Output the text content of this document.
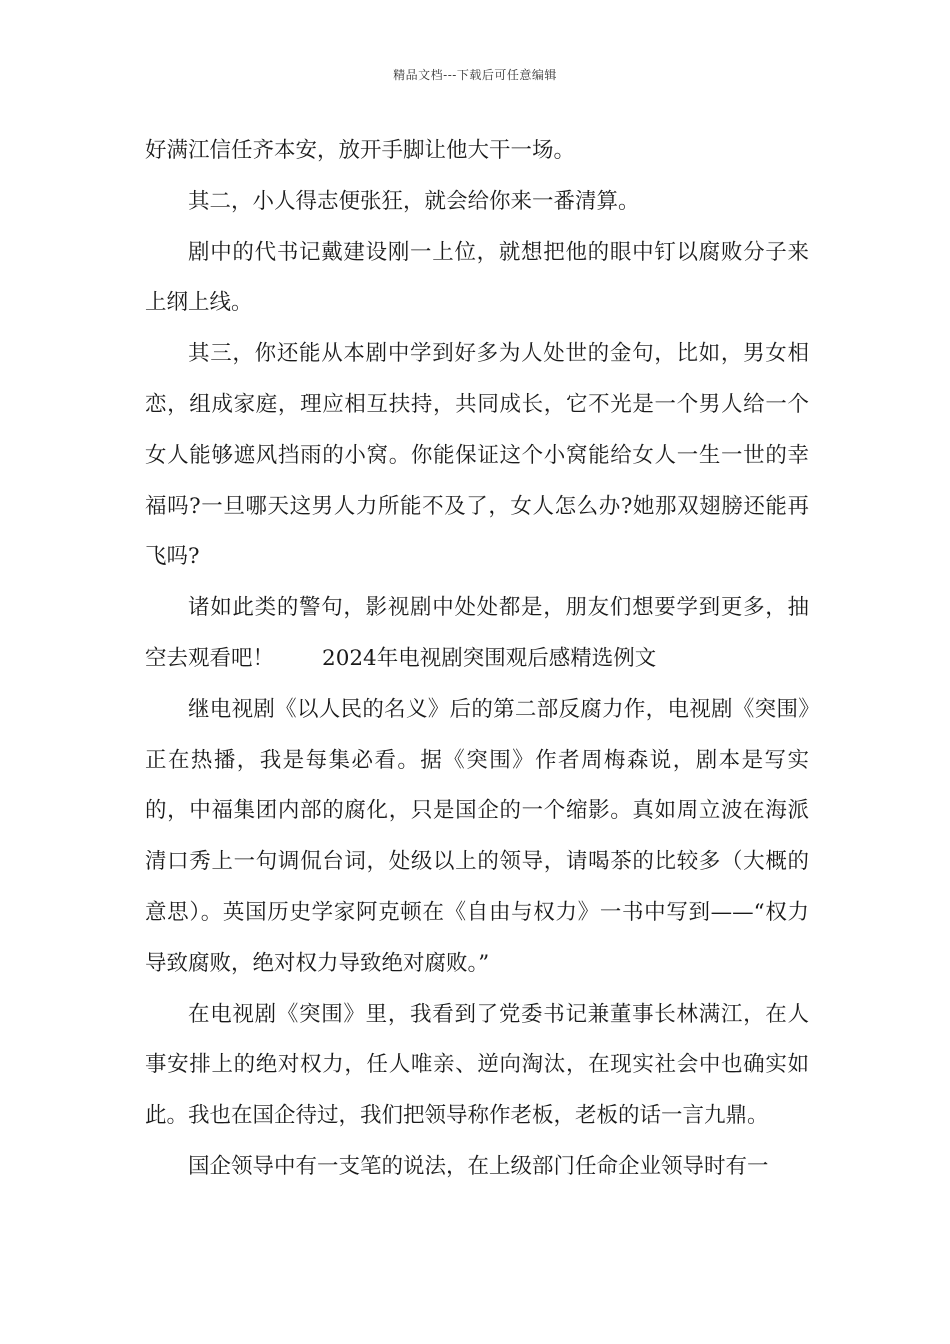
精品文档---下载后可任意编辑

好满江信任齐本安，放开手脚让他大干一场。

其二，小人得志便张狂，就会给你来一番清算。

剧中的代书记戴建设刚一上位，就想把他的眼中钉以腐败分子来上纲上线。

其三，你还能从本剧中学到好多为人处世的金句，比如，男女相恋，组成家庭，理应相互扶持，共同成长，它不光是一个男人给一个女人能够遮风挡雨的小窝。你能保证这个小窝能给女人一生一世的幸福吗?一旦哪天这男人力所能不及了，女人怎么办?她那双翅膀还能再飞吗?

诸如此类的警句，影视剧中处处都是，朋友们想要学到更多，抽空去观看吧！ 2024年电视剧突围观后感精选例文

继电视剧《以人民的名义》后的第二部反腐力作，电视剧《突围》正在热播，我是每集必看。据《突围》作者周梅森说，剧本是写实的，中福集团内部的腐化，只是国企的一个缩影。真如周立波在海派清口秀上一句调侃台词，处级以上的领导，请喝茶的比较多（大概的意思）。英国历史学家阿克顿在《自由与权力》一书中写到——“权力导致腐败，绝对权力导致绝对腐败。”

在电视剧《突围》里，我看到了党委书记兼董事长林满江，在人事安排上的绝对权力，任人唯亲、逆向淘汰，在现实社会中也确实如此。我也在国企待过，我们把领导称作老板，老板的话一言九鼎。

国企领导中有一支笔的说法，在上级部门任命企业领导时有一
